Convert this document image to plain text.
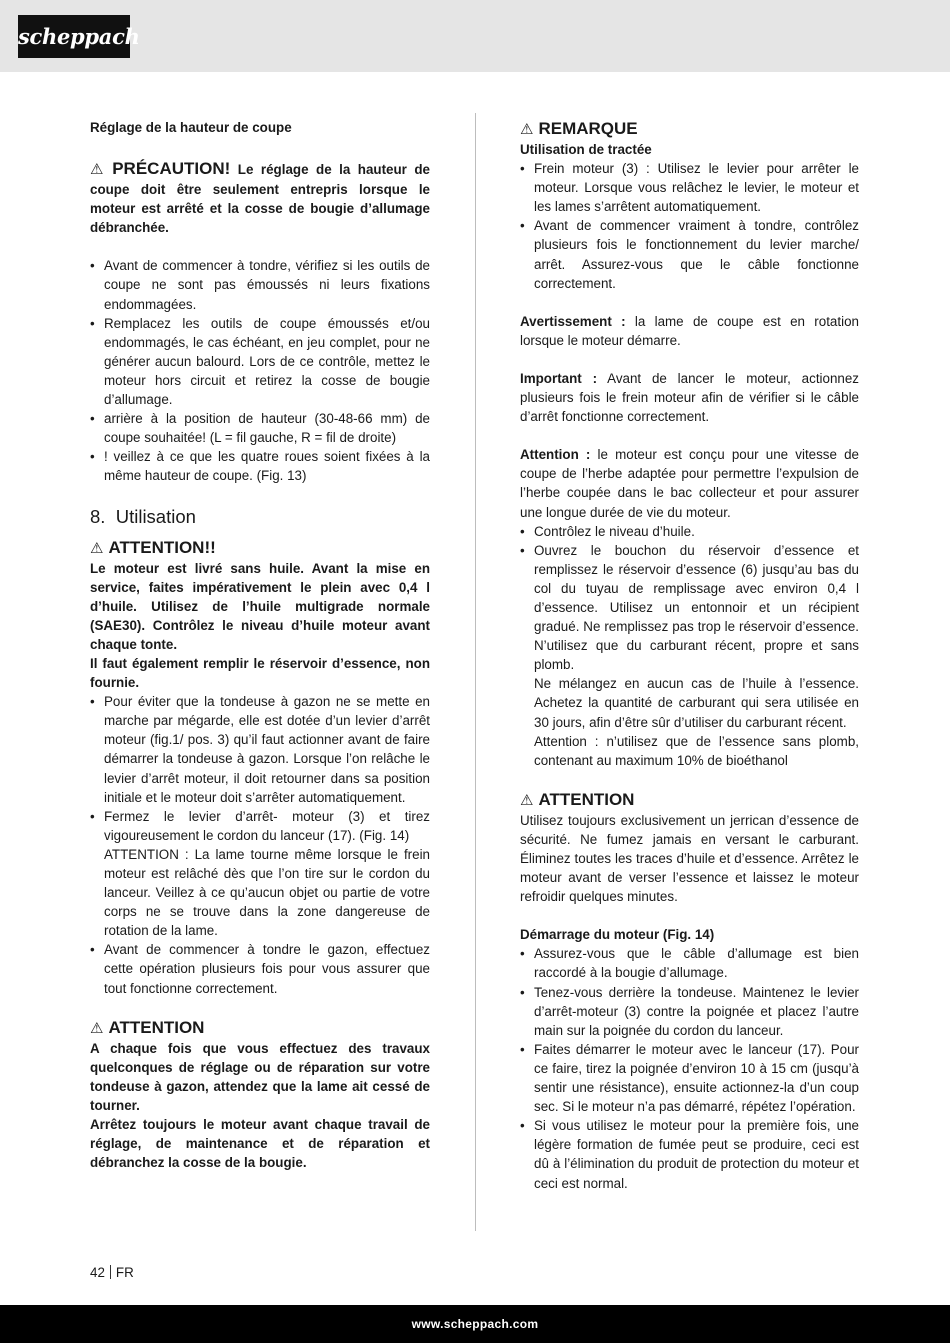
scheppach

Réglage de la hauteur de coupe

⚠ PRÉCAUTION! Le réglage de la hauteur de coupe doit être seulement entrepris lorsque le moteur est arrêté et la cosse de bougie d’allumage débranchée.

• Avant de commencer à tondre, vérifiez si les outils de coupe ne sont pas émoussés ni leurs fixations endommagées.
• Remplacez les outils de coupe émoussés et/ou endommagés, le cas échéant, en jeu complet, pour ne générer aucun balourd. Lors de ce contrôle, mettez le moteur hors circuit et retirez la cosse de bougie d’allumage.
• arrière à la position de hauteur (30-48-66 mm) de coupe souhaitée! (L = fil gauche, R = fil de droite)
• ! veillez à ce que les quatre roues soient fixées à la même hauteur de coupe. (Fig. 13)

8. Utilisation

⚠ ATTENTION!!

Le moteur est livré sans huile. Avant la mise en service, faites impérativement le plein avec 0,4 l d’huile. Utilisez de l’huile multigrade normale (SAE30). Contrôlez le niveau d’huile moteur avant chaque tonte.

Il faut également remplir le réservoir d’essence, non fournie.

• Pour éviter que la tondeuse à gazon ne se mette en marche par mégarde, elle est dotée d’un levier d’arrêt moteur (fig.1/ pos. 3) qu’il faut actionner avant de faire démarrer la tondeuse à gazon. Lorsque l’on relâche le levier d’arrêt moteur, il doit retourner dans sa position initiale et le moteur doit s’arrêter automatiquement.
• Fermez le levier d’arrêt- moteur (3) et tirez vigoureusement le cordon du lanceur (17). (Fig. 14)
ATTENTION : La lame tourne même lorsque le frein moteur est relâché dès que l’on tire sur le cordon du lanceur. Veillez à ce qu’aucun objet ou partie de votre corps ne se trouve dans la zone dangereuse de rotation de la lame.
• Avant de commencer à tondre le gazon, effectuez cette opération plusieurs fois pour vous assurer que tout fonctionne correctement.

⚠ ATTENTION

A chaque fois que vous effectuez des travaux quelconques de réglage ou de réparation sur votre tondeuse à gazon, attendez que la lame ait cessé de tourner.

Arrêtez toujours le moteur avant chaque travail de réglage, de maintenance et de réparation et débranchez la cosse de la bougie.

⚠ REMARQUE

Utilisation de tractée

• Frein moteur (3) : Utilisez le levier pour arrêter le moteur. Lorsque vous relâchez le levier, le moteur et les lames s’arrêtent automatiquement.
• Avant de commencer vraiment à tondre, contrôlez plusieurs fois le fonctionnement du levier marche/ arrêt. Assurez-vous que le câble fonctionne correctement.

Avertissement : la lame de coupe est en rotation lorsque le moteur démarre.

Important : Avant de lancer le moteur, actionnez plusieurs fois le frein moteur afin de vérifier si le câble d’arrêt fonctionne correctement.

Attention : le moteur est conçu pour une vitesse de coupe de l’herbe adaptée pour permettre l’expulsion de l’herbe coupée dans le bac collecteur et pour assurer une longue durée de vie du moteur.

• Contrôlez le niveau d’huile.
• Ouvrez le bouchon du réservoir d’essence et remplissez le réservoir d’essence (6) jusqu’au bas du col du tuyau de remplissage avec environ 0,4 l d’essence. Utilisez un entonnoir et un récipient gradué. Ne remplissez pas trop le réservoir d’essence. N’utilisez que du carburant récent, propre et sans plomb.
Ne mélangez en aucun cas de l’huile à l’essence. Achetez la quantité de carburant qui sera utilisée en 30 jours, afin d’être sûr d’utiliser du carburant récent.
Attention : n’utilisez que de l’essence sans plomb, contenant au maximum 10% de bioéthanol

⚠ ATTENTION

Utilisez toujours exclusivement un jerrican d’essence de sécurité. Ne fumez jamais en versant le carburant. Éliminez toutes les traces d’huile et d’essence. Arrêtez le moteur avant de verser l’essence et laissez le moteur refroidir quelques minutes.

Démarrage du moteur (Fig. 14)

• Assurez-vous que le câble d’allumage est bien raccordé à la bougie d’allumage.
• Tenez-vous derrière la tondeuse. Maintenez le levier d’arrêt-moteur (3) contre la poignée et placez l’autre main sur la poignée du cordon du lanceur.
• Faites démarrer le moteur avec le lanceur (17). Pour ce faire, tirez la poignée d’environ 10 à 15 cm (jusqu’à sentir une résistance), ensuite actionnez-la d’un coup sec. Si le moteur n’a pas démarré, répétez l’opération.
• Si vous utilisez le moteur pour la première fois, une légère formation de fumée peut se produire, ceci est dû à l’élimination du produit de protection du moteur et ceci est normal.
42 FR
www.scheppach.com
